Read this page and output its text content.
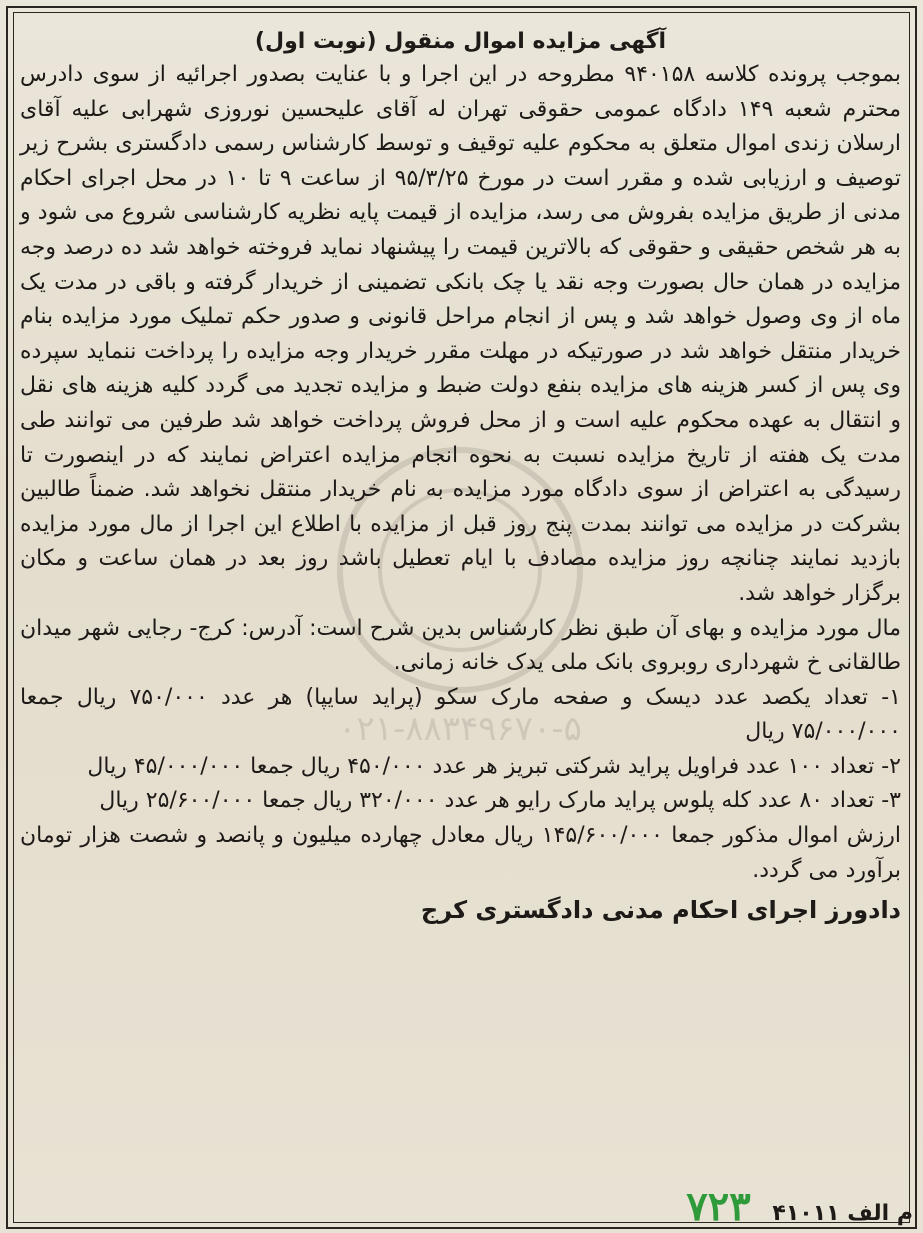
۰۲۱-۸۸۳۴۹۶۷۰-۵
آگهی مزایده اموال منقول (نوبت اول)

بموجب پرونده کلاسه ۹۴۰۱۵۸ مطروحه در این اجرا و با عنایت بصدور اجرائیه از سوی دادرس محترم شعبه ۱۴۹ دادگاه عمومی حقوقی تهران له آقای علیحسین نوروزی شهرابی علیه آقای ارسلان زندی اموال متعلق به محکوم علیه توقیف و توسط کارشناس رسمی دادگستری بشرح زیر توصیف و ارزیابی شده و مقرر است در مورخ ۹۵/۳/۲۵ از ساعت ۹ تا ۱۰ در محل اجرای احکام مدنی از طریق مزایده بفروش می رسد، مزایده از قیمت پایه نظریه کارشناسی شروع می شود و به هر شخص حقیقی و حقوقی که بالاترین قیمت را پیشنهاد نماید فروخته خواهد شد ده درصد وجه مزایده در همان حال بصورت وجه نقد یا چک بانکی تضمینی از خریدار گرفته و باقی در مدت یک ماه از وی وصول خواهد شد و پس از انجام مراحل قانونی و صدور حکم تملیک مورد مزایده بنام خریدار منتقل خواهد شد در صورتیکه در مهلت مقرر خریدار وجه مزایده را پرداخت ننماید سپرده وی پس از کسر هزینه های مزایده بنفع دولت ضبط و مزایده تجدید می گردد کلیه هزینه های نقل و انتقال به عهده محکوم علیه است و از محل فروش پرداخت خواهد شد طرفین می توانند طی مدت یک هفته از تاریخ مزایده نسبت به نحوه انجام مزایده اعتراض نمایند که در اینصورت تا رسیدگی به اعتراض از سوی دادگاه مورد مزایده به نام خریدار منتقل نخواهد شد. ضمناً طالبین بشرکت در مزایده می توانند بمدت پنج روز قبل از مزایده با اطلاع این اجرا از مال مورد مزایده بازدید نمایند چنانچه روز مزایده مصادف با ایام تعطیل باشد روز بعد در همان ساعت و مکان برگزار خواهد شد.

مال مورد مزایده و بهای آن طبق نظر کارشناس بدین شرح است: آدرس: کرج- رجایی شهر میدان طالقانی خ شهرداری روبروی بانک ملی یدک خانه زمانی.

۱- تعداد یکصد عدد دیسک و صفحه مارک سکو (پراید سایپا) هر عدد ۷۵۰/۰۰۰ ریال جمعا ۷۵/۰۰۰/۰۰۰ ریال

۲- تعداد ۱۰۰ عدد فراویل پراید شرکتی تبریز هر عدد ۴۵۰/۰۰۰ ریال جمعا ۴۵/۰۰۰/۰۰۰ ریال

۳- تعداد ۸۰ عدد کله پلوس پراید مارک رایو هر عدد ۳۲۰/۰۰۰ ریال جمعا ۲۵/۶۰۰/۰۰۰ ریال

ارزش اموال مذکور جمعا ۱۴۵/۶۰۰/۰۰۰ ریال معادل چهارده میلیون و پانصد و شصت هزار تومان برآورد می گردد.

دادورز اجرای احکام مدنی دادگستری کرج
م الف ۴۱۰۱۱ ۷۲۳
